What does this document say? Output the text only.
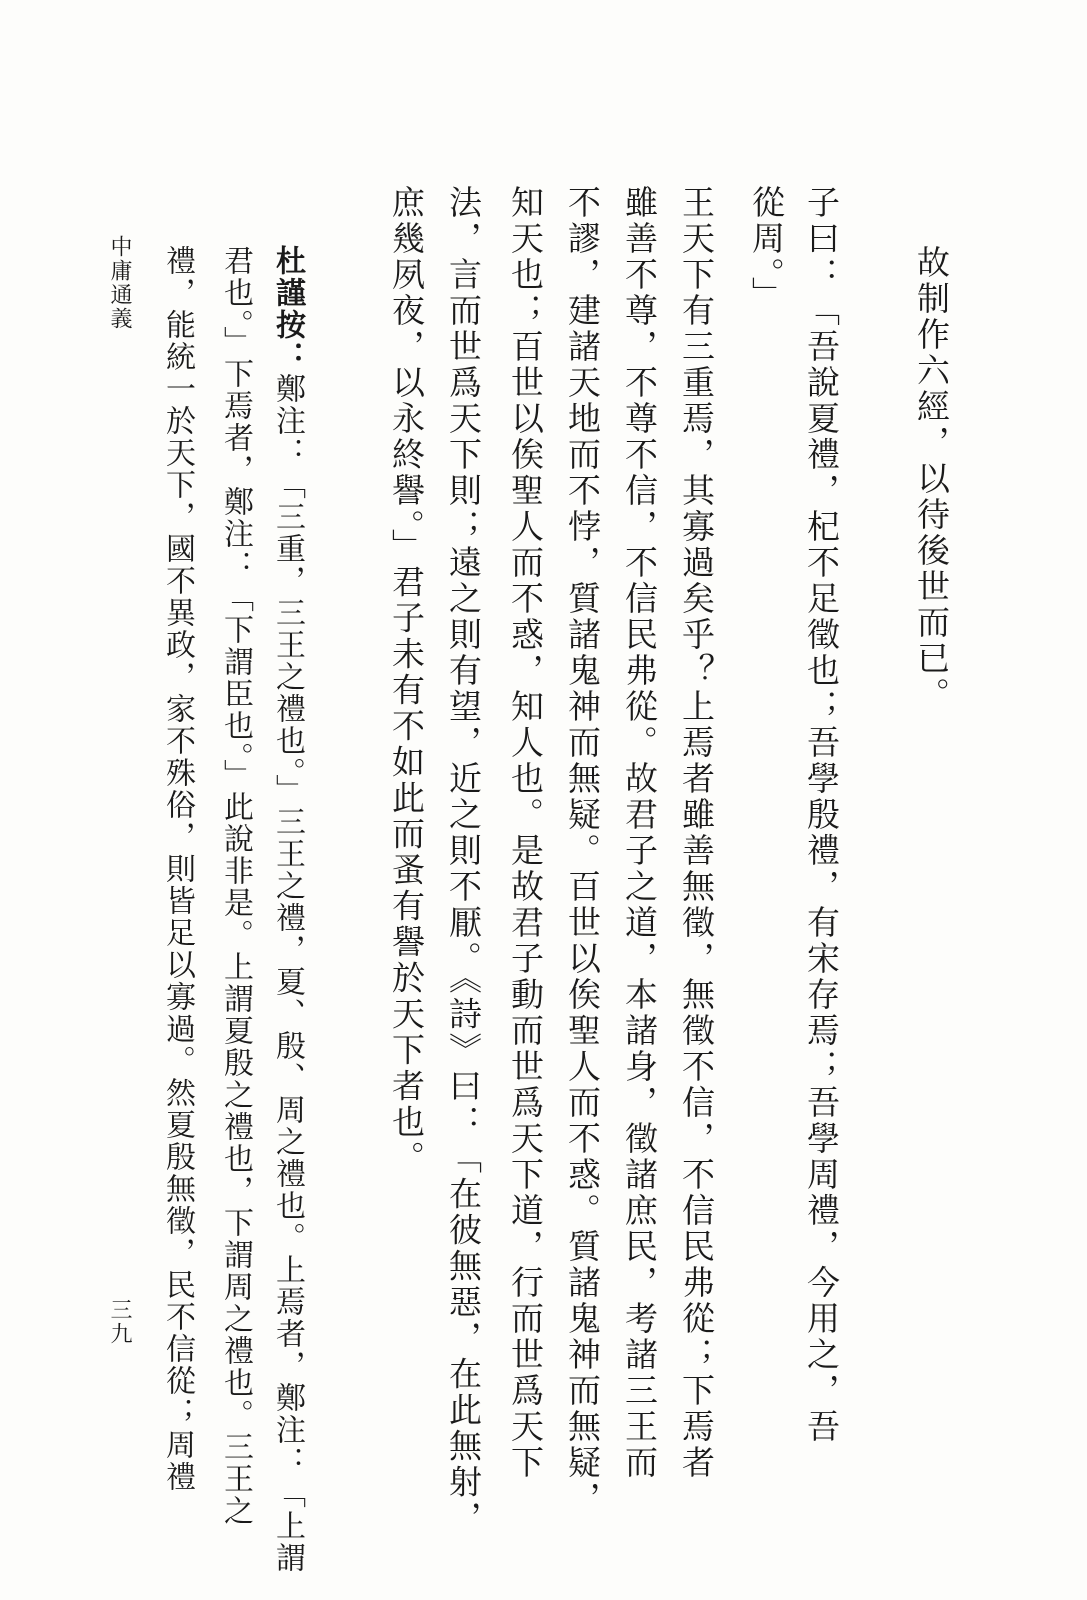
故制作六經，以待後世而已。
子曰：「吾說夏禮，杞不足徵也；吾學殷禮，有宋存焉；吾學周禮，今用之，吾
從周。」
王天下有三重焉，其寡過矣乎？上焉者雖善無徵，無徵不信，不信民弗從；下焉者
雖善不尊，不尊不信，不信民弗從。故君子之道，本諸身，徵諸庶民，考諸三王而
不謬，建諸天地而不悖，質諸鬼神而無疑。百世以俟聖人而不惑。質諸鬼神而無疑，
知天也；百世以俟聖人而不惑，知人也。是故君子動而世爲天下道，行而世爲天下
法，言而世爲天下則；遠之則有望，近之則不厭。《詩》曰：「在彼無惡，在此無射，
庶幾夙夜，以永終譽。」君子未有不如此而蚤有譽於天下者也。
杜謹按：鄭注：「三重，三王之禮也。」三王之禮，夏、殷、周之禮也。上焉者，鄭注：「上謂
君也。」下焉者，鄭注：「下謂臣也。」此說非是。上謂夏殷之禮也，下謂周之禮也。三王之
禮，能統一於天下，國不異政，家不殊俗，則皆足以寡過。然夏殷無徵，民不信從；周禮
中庸通義
三九
